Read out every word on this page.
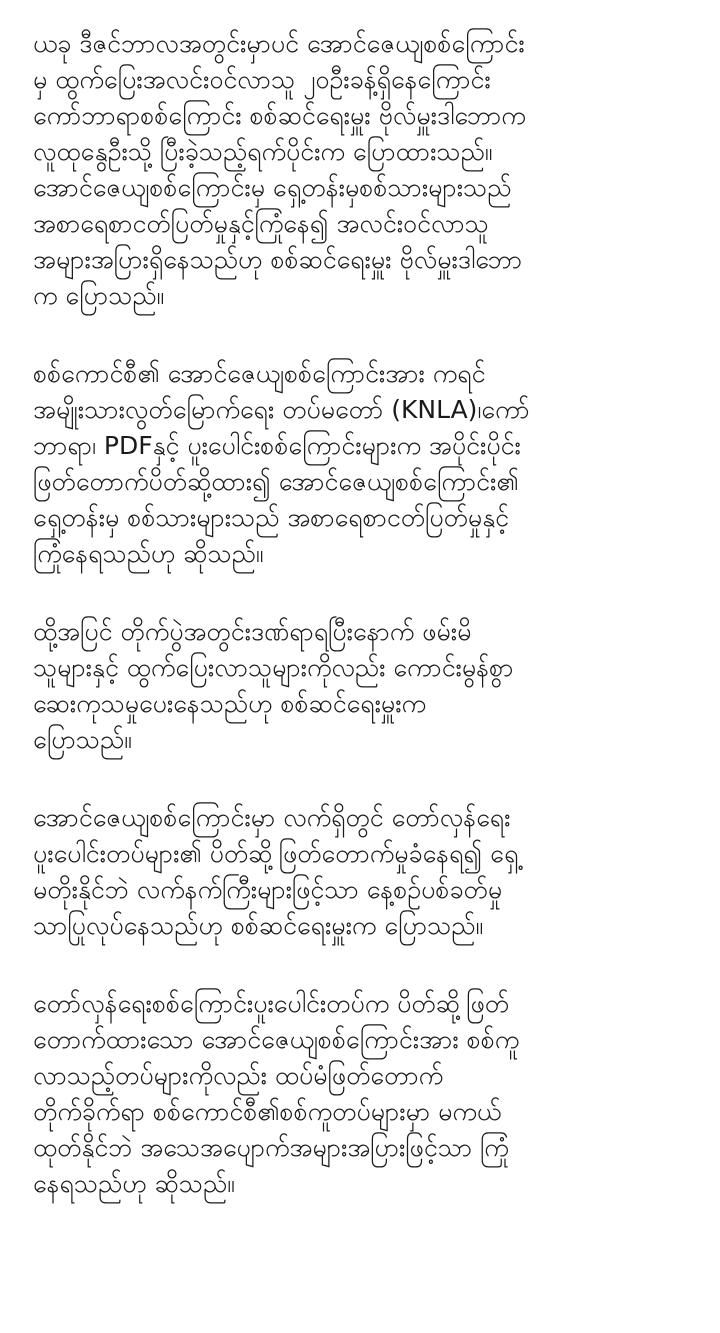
ယခု ဒီဇင်ဘာလအတွင်းမှာပင် အောင်ဇေယျစစ်ကြောင်း
မှ ထွက်ပြေးအလင်းဝင်လာသူ ၂၀ဦးခန့်ရှိနေကြောင်း
ကော်ဘာရာစစ်ကြောင်း စစ်ဆင်ရေးမှူး ဗိုလ်မှူးဒါဘောက
လူထုနွေဦးသို့ ပြီးခဲ့သည့်ရက်ပိုင်းက ပြောထားသည်။
အောင်ဇေယျစစ်ကြောင်းမှ ရှေ့တန်းမှစစ်သားများသည်
အစာရေစာငတ်ပြတ်မှုနှင့်ကြုံနေ၍ အလင်းဝင်လာသူ
အများအပြားရှိနေသည်ဟု စစ်ဆင်ရေးမှူး ဗိုလ်မှူးဒါဘော
က ပြောသည်။

စစ်ကောင်စီ၏ အောင်ဇေယျစစ်ကြောင်းအား ကရင်
အမျိုးသားလွတ်မြောက်ရေး တပ်မတော် (KNLA)၊ကော်
ဘာရာ၊ PDFနှင့် ပူးပေါင်းစစ်ကြောင်းများက အပိုင်းပိုင်း
ဖြတ်တောက်ပိတ်ဆို့ထား၍ အောင်ဇေယျစစ်ကြောင်း၏
ရှေ့တန်းမှ စစ်သားများသည် အစာရေစာငတ်ပြတ်မှုနှင့်
ကြုံနေရသည်ဟု ဆိုသည်။

ထို့အပြင် တိုက်ပွဲအတွင်းဒဏ်ရာရပြီးနောက် ဖမ်းမိ
သူများနှင့် ထွက်ပြေးလာသူများကိုလည်း ကောင်းမွန်စွာ
ဆေးကုသမှုပေးနေသည်ဟု စစ်ဆင်ရေးမှူးက
ပြောသည်။

အောင်ဇေယျစစ်ကြောင်းမှာ လက်ရှိတွင် တော်လှန်ရေး
ပူးပေါင်းတပ်များ၏ ပိတ်ဆို့ဖြတ်တောက်မှုခံနေရ၍ ရှေ့
မတိုးနိုင်ဘဲ လက်နက်ကြီးများဖြင့်သာ နေ့စဉ်ပစ်ခတ်မှု
သာပြုလုပ်နေသည်ဟု စစ်ဆင်ရေးမှူးက ပြောသည်။

တော်လှန်ရေးစစ်ကြောင်းပူးပေါင်းတပ်က ပိတ်ဆို့ဖြတ်
တောက်ထားသော အောင်ဇေယျစစ်ကြောင်းအား စစ်ကူ
လာသည့်တပ်များကိုလည်း ထပ်မံဖြတ်တောက်
တိုက်ခိုက်ရာ စစ်ကောင်စီ၏စစ်ကူတပ်များမှာ မကယ်
ထုတ်နိုင်ဘဲ အသေအပျောက်အများအပြားဖြင့်သာ ကြုံ
နေရသည်ဟု ဆိုသည်။
